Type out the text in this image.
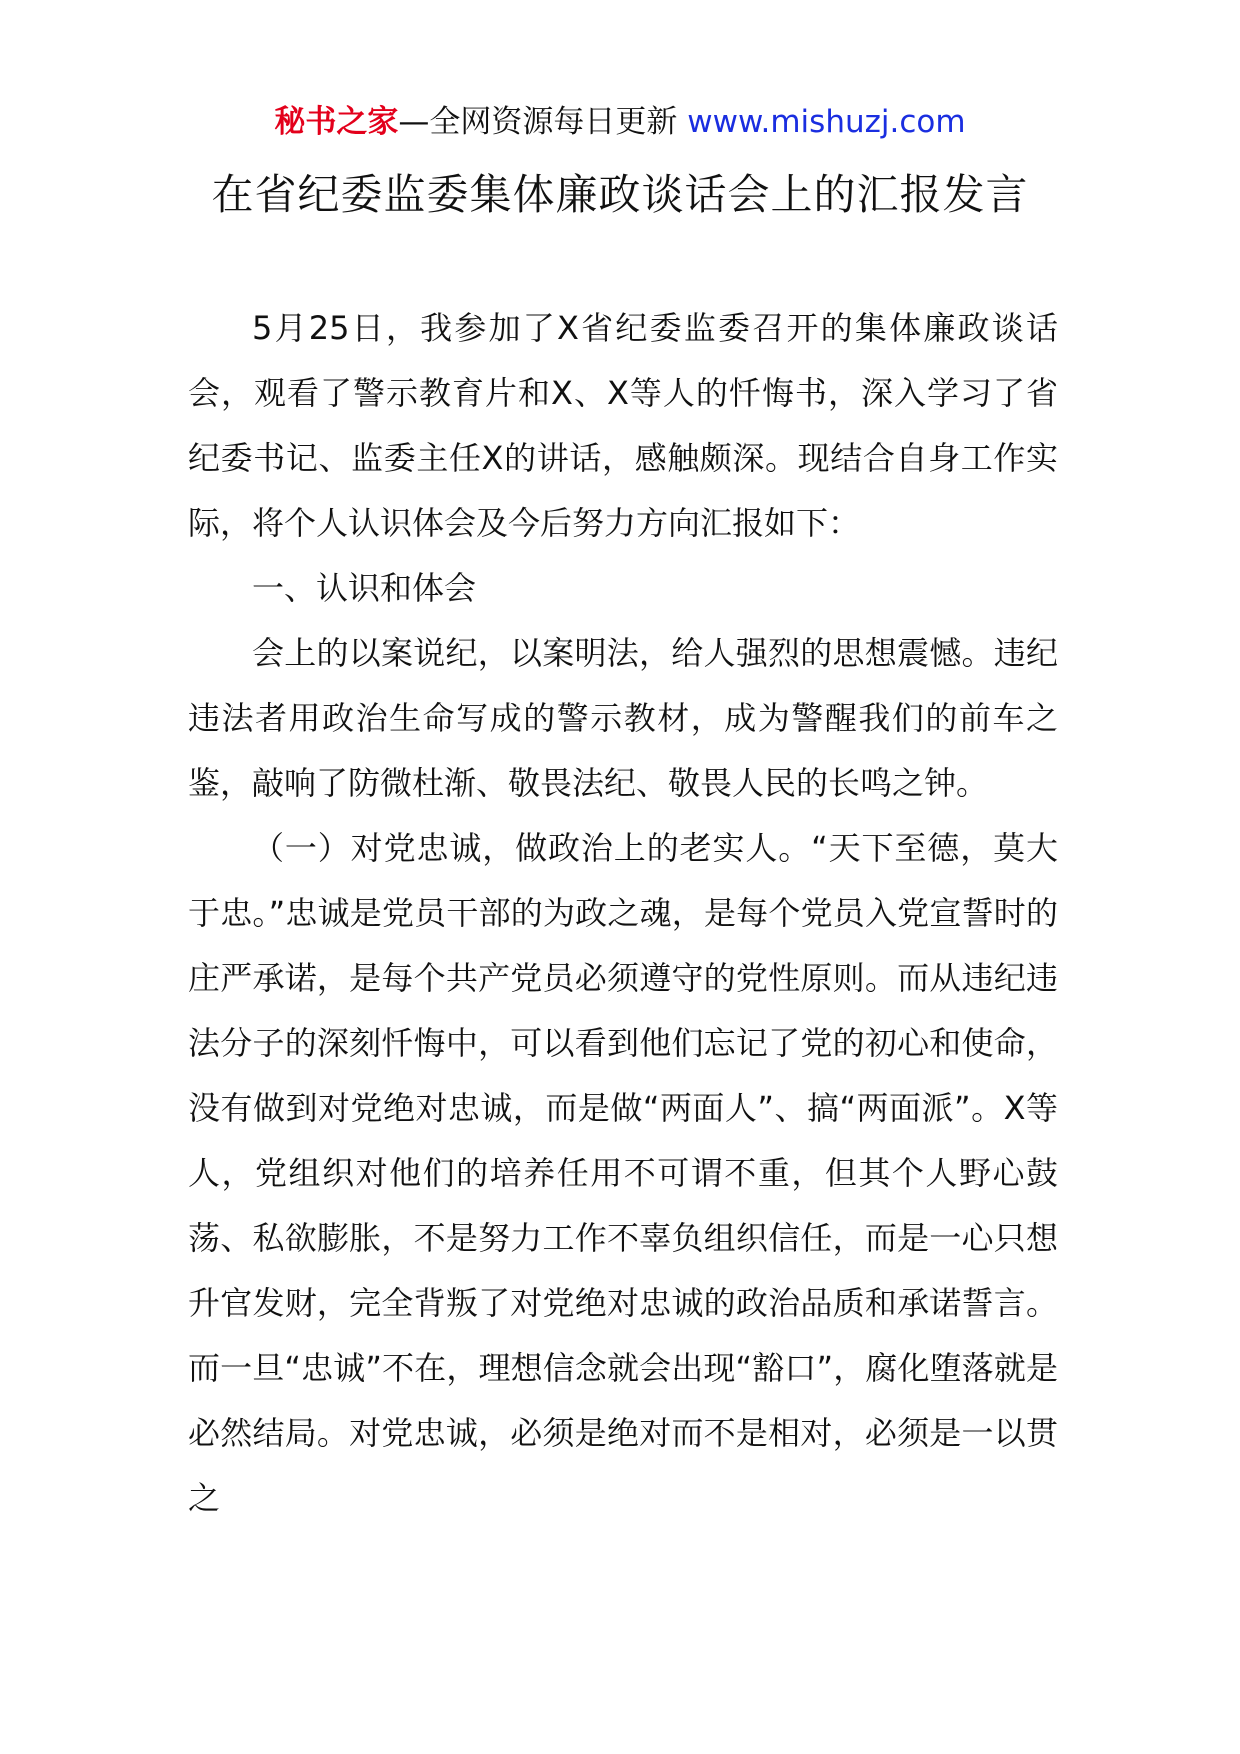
秘书之家—全网资源每日更新 www.mishuzj.com
在省纪委监委集体廉政谈话会上的汇报发言

5月25日，我参加了X省纪委监委召开的集体廉政谈话会，观看了警示教育片和X、X等人的忏悔书，深入学习了省纪委书记、监委主任X的讲话，感触颇深。现结合自身工作实际，将个人认识体会及今后努力方向汇报如下：

一、认识和体会

会上的以案说纪，以案明法，给人强烈的思想震憾。违纪违法者用政治生命写成的警示教材，成为警醒我们的前车之鉴，敲响了防微杜渐、敬畏法纪、敬畏人民的长鸣之钟。

（一）对党忠诚，做政治上的老实人。“天下至德，莫大于忠。”忠诚是党员干部的为政之魂，是每个党员入党宣誓时的庄严承诺，是每个共产党员必须遵守的党性原则。而从违纪违法分子的深刻忏悔中，可以看到他们忘记了党的初心和使命，没有做到对党绝对忠诚，而是做“两面人”、搞“两面派”。X等人，党组织对他们的培养任用不可谓不重，但其个人野心鼓荡、私欲膨胀，不是努力工作不辜负组织信任，而是一心只想升官发财，完全背叛了对党绝对忠诚的政治品质和承诺誓言。而一旦“忠诚”不在，理想信念就会出现“豁口”，腐化堕落就是必然结局。对党忠诚，必须是绝对而不是相对，必须是一以贯之
